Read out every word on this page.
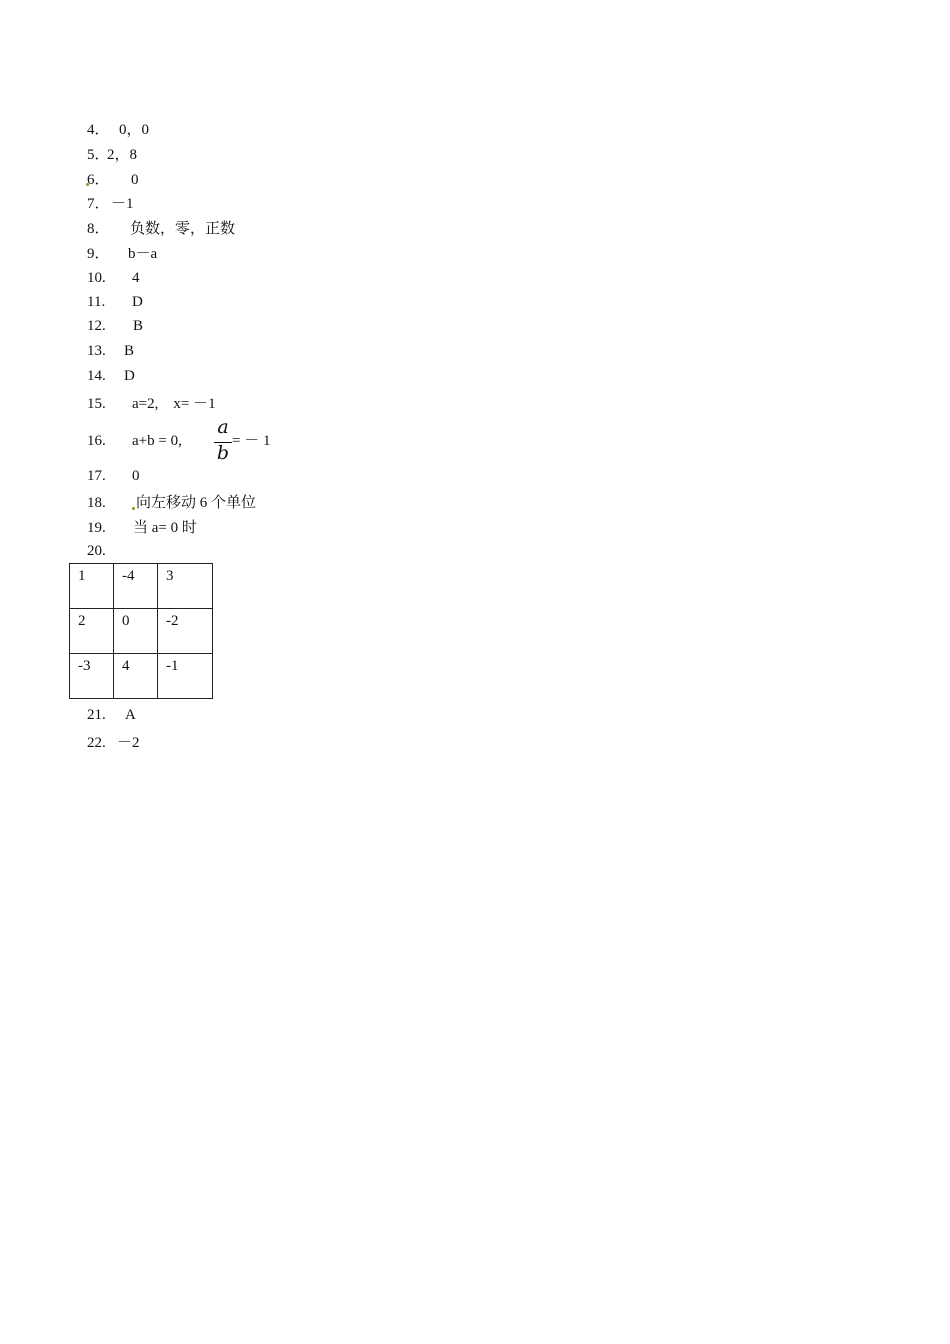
4． 0，0
5．
2，8
6． 0
7． －1
8． 负数，零，正数
9． b－a
10. 4
11. D
12. B
13. B
14. D
15. a=2,　x= －1
16. a+b = 0,	= － 1
a
b
17. 0
18. 向左移动 6 个单位
19. 当 a= 0 时
20.
1	-4	3
2	0	-2
-3	4	-1
21. A
22. －2
